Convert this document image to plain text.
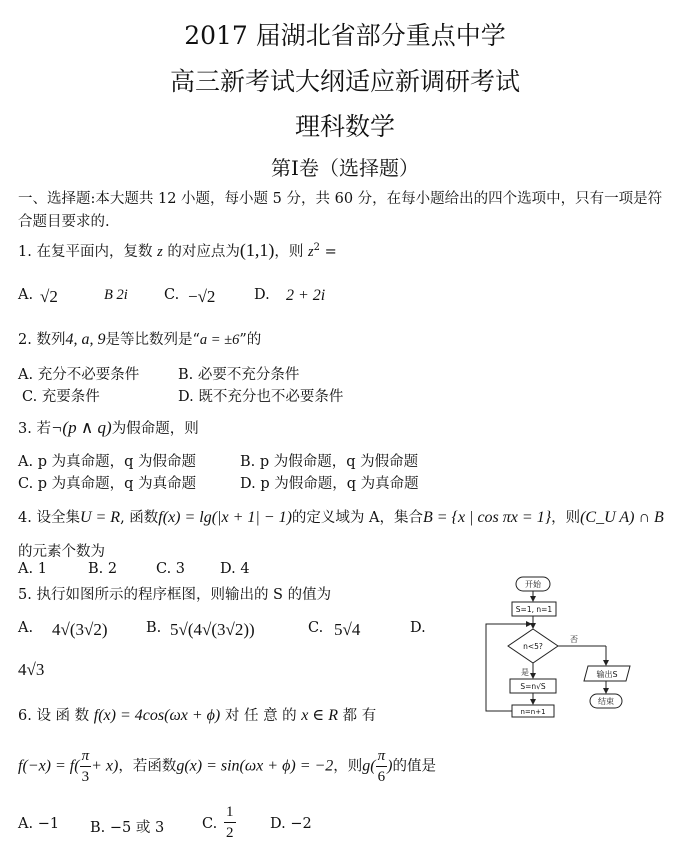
2017 届湖北省部分重点中学
高三新考试大纲适应新调研考试
理科数学
第Ⅰ卷（选择题）
一、选择题:本大题共 12 小题，每小题 5 分，共 60 分，在每小题给出的四个选项中，只有一项是符
合题目要求的.
1. 在复平面内，复数 z 的对应点为(1,1)，则 $z^2$ =
A. √2	B 2i C. −√2	D. 2 + 2i
2. 数列4, a, 9是等比数列是“a = ±6”的
A. 充分不必要条件	B. 必要不充分条件
C. 充要条件	D. 既不充分也不必要条件
3. 若¬(p ∧ q)为假命题，则
A. p 为真命题，q 为假命题	B. p 为假命题，q 为假命题
C. p 为真命题，q 为真命题	D. p 为假命题，q 为真命题
4. 设全集U = R, 函数f(x) = lg(|x + 1| − 1)的定义域为 A，集合B = {x | cos πx = 1}，则(C_U A) ∩ B
的元素个数为
A. 1	B. 2	C. 3 D. 4
5. 执行如图所示的程序框图，则输出的 S 的值为
A. 4√(3√2)	B. 5√(4√(3√2))	C. 5√4	D.
4√3
开始
S=1, n=1
n<5?
否
是	输出S
结束
S=n√S
n=n+1
6. 设 函 数 f(x) = 4cos(ωx + ϕ) 对 任 意 的 x ∈ R 都 有
$f(-x) = f( \frac{\pi}{3} + x)$，若函数g(x) = sin(ωx + ϕ) = −2，则$g( \frac{\pi}{6}$ )的值是
A. −1 B. −5 或 3	C. $\frac{1}{2} D$. −2
